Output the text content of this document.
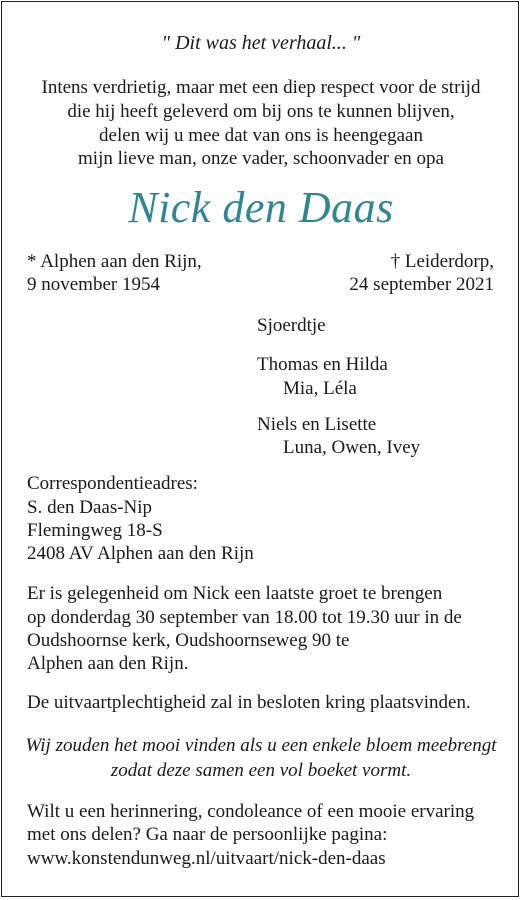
" Dit was het verhaal... "
Intens verdrietig, maar met een diep respect voor de strijd
die hij heeft geleverd om bij ons te kunnen blijven,
delen wij u mee dat van ons is heengegaan
mijn lieve man, onze vader, schoonvader en opa
Nick den Daas
* Alphen aan den Rijn,
9 november 1954
† Leiderdorp,
24 september 2021
Sjoerdtje
Thomas en Hilda
Mia, Léla
Niels en Lisette
Luna, Owen, Ivey
Correspondentieadres:
S. den Daas-Nip
Flemingweg 18-S
2408 AV Alphen aan den Rijn
Er is gelegenheid om Nick een laatste groet te brengen
op donderdag 30 september van 18.00 tot 19.30 uur in de
Oudshoornse kerk, Oudshoornseweg 90 te
Alphen aan den Rijn.
De uitvaartplechtigheid zal in besloten kring plaatsvinden.
Wij zouden het mooi vinden als u een enkele bloem meebrengt
zodat deze samen een vol boeket vormt.
Wilt u een herinnering, condoleance of een mooie ervaring
met ons delen? Ga naar de persoonlijke pagina:
www.konstendunweg.nl/uitvaart/nick-den-daas
